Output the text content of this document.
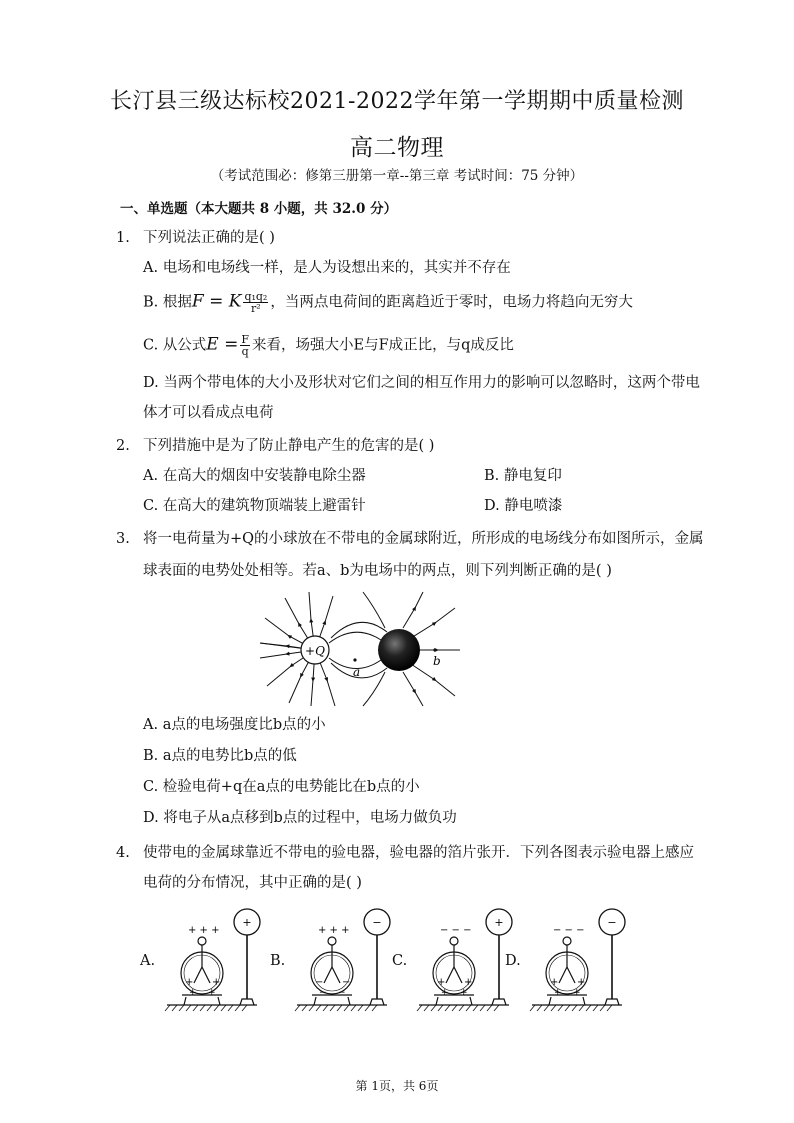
长汀县三级达标校2021-2022学年第一学期期中质量检测
高二物理
（考试范围必：修第三册第一章--第三章 考试时间：75 分钟）
一、单选题（本大题共 8 小题，共 32.0 分）
1. 下列说法正确的是( )
A. 电场和电场线一样，是人为设想出来的，其实并不存在
B. 根据F = K $\frac{\text{q₁q₂}}{\text{r²}}$ ，当两点电荷间的距离趋近于零时，电场力将趋向无穷大
C. 从公式$E = \frac{F}{q}$ 来看，场强大小E与F成正比，与q成反比
D. 当两个带电体的大小及形状对它们之间的相互作用力的影响可以忽略时，这两个带电
体才可以看成点电荷
2. 下列措施中是为了防止静电产生的危害的是( )
A. 在高大的烟囱中安装静电除尘器	B. 静电复印
C. 在高大的建筑物顶端装上避雷针	D. 静电喷漆
3. 将一电荷量为+Q的小球放在不带电的金属球附近，所形成的电场线分布如图所示，金属
球表面的电势处处相等。若a、b为电场中的两点，则下列判断正确的是( )
+Q
a
b
A. a点的电场强度比b点的小
B. a点的电势比b点的低
C. 检验电荷+q在a点的电势能比在b点的小
D. 将电子从a点移到b点的过程中，电场力做负功
4. 使带电的金属球靠近不带电的验电器，验电器的箔片张开．下列各图表示验电器上感应
电荷的分布情况，其中正确的是( )
A.
+ + +
+ +
+ +
+
B.
+ + +
− −
− −
−
C.
− − −
+ +
+ +
+
D.
− − −
+ +
+ +
−
第 1页，共 6页
